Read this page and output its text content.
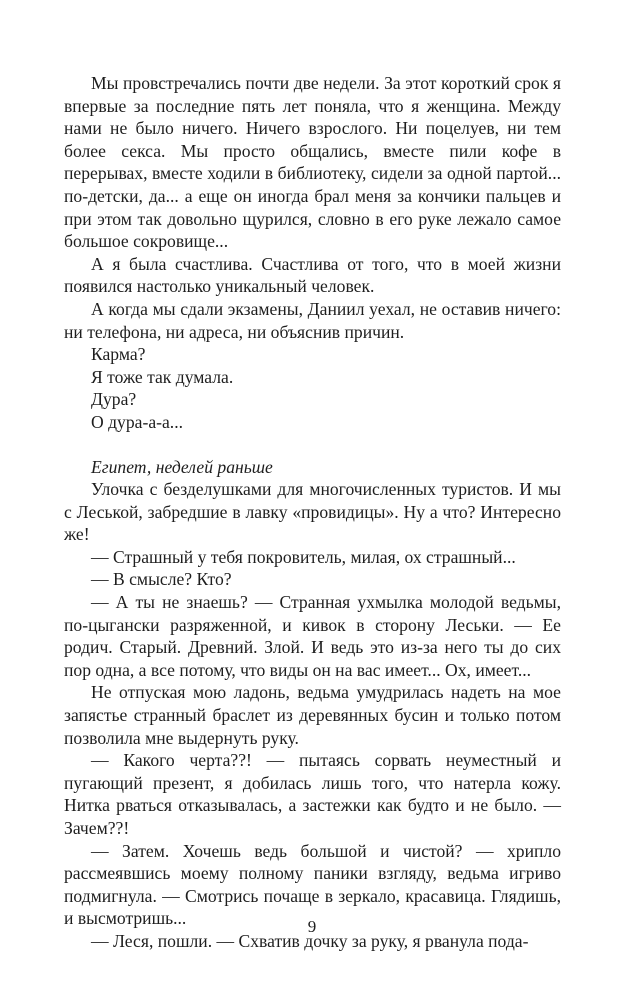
Мы провстречались почти две недели. За этот короткий срок я впервые за последние пять лет поняла, что я женщина. Между нами не было ничего. Ничего взрослого. Ни поцелуев, ни тем более секса. Мы просто общались, вместе пили кофе в перерывах, вместе ходили в библиотеку, сидели за одной партой... по-детски, да... а еще он иногда брал меня за кончики пальцев и при этом так довольно щурился, словно в его руке лежало самое большое сокровище...

А я была счастлива. Счастлива от того, что в моей жизни появился настолько уникальный человек.

А когда мы сдали экзамены, Даниил уехал, не оставив ничего: ни телефона, ни адреса, ни объяснив причин.

Карма?

Я тоже так думала.

Дура?

О дура-а-а...

Египет, неделей раньше

Улочка с безделушками для многочисленных туристов. И мы с Леськой, забредшие в лавку «провидицы». Ну а что? Интересно же!

— Страшный у тебя покровитель, милая, ох страшный...

— В смысле? Кто?

— А ты не знаешь? — Странная ухмылка молодой ведьмы, по-цыгански разряженной, и кивок в сторону Леськи. — Ее родич. Старый. Древний. Злой. И ведь это из-за него ты до сих пор одна, а все потому, что виды он на вас имеет... Ох, имеет...

Не отпуская мою ладонь, ведьма умудрилась надеть на мое запястье странный браслет из деревянных бусин и только потом позволила мне выдернуть руку.

— Какого черта??! — пытаясь сорвать неуместный и пугающий презент, я добилась лишь того, что натерла кожу. Нитка рваться отказывалась, а застежки как будто и не было. — Зачем??!

— Затем. Хочешь ведь большой и чистой? — хрипло рассмеявшись моему полному паники взгляду, ведьма игриво подмигнула. — Смотрись почаще в зеркало, красавица. Глядишь, и высмотришь...

— Леся, пошли. — Схватив дочку за руку, я рванула пода-

9
